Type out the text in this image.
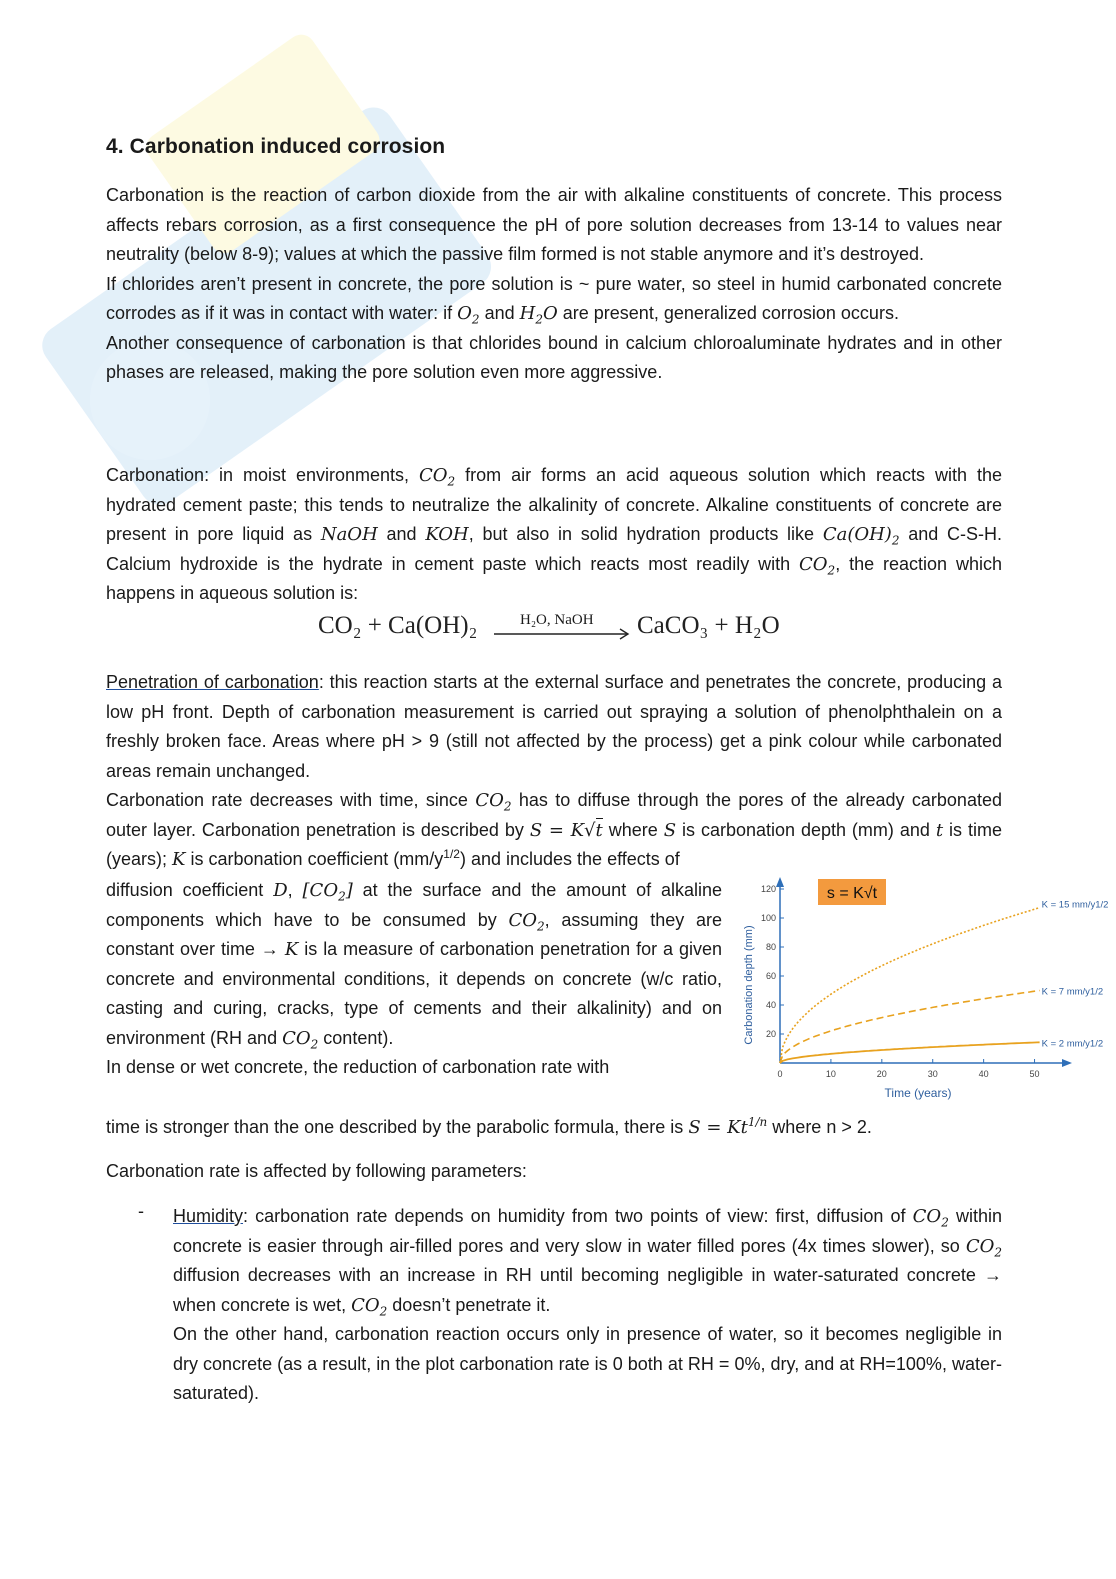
4. Carbonation induced corrosion

Carbonation is the reaction of carbon dioxide from the air with alkaline constituents of concrete. This process affects rebars corrosion, as a first consequence the pH of pore solution decreases from 13-14 to values near neutrality (below 8-9); values at which the passive film formed is not stable anymore and it’s destroyed.

If chlorides aren’t present in concrete, the pore solution is ~ pure water, so steel in humid carbonated concrete corrodes as if it was in contact with water: if $O_2$ and $H_2O$ are present, generalized corrosion occurs.

Another consequence of carbonation is that chlorides bound in calcium chloroaluminate hydrates and in other phases are released, making the pore solution even more aggressive.

Carbonation: in moist environments, $CO_2$ from air forms an acid aqueous solution which reacts with the hydrated cement paste; this tends to neutralize the alkalinity of concrete. Alkaline constituents of concrete are present in pore liquid as NaOH and KOH, but also in solid hydration products like $Ca(OH)_2$ and C-S-H. Calcium hydroxide is the hydrate in cement paste which reacts most readily with $CO_2$, the reaction which happens in aqueous solution is:

CO₂ + Ca(OH)₂	H₂O, NaOH CaCO₃ + H₂O

Penetration of carbonation: this reaction starts at the external surface and penetrates the concrete, producing a low pH front. Depth of carbonation measurement is carried out spraying a solution of phenolphthalein on a freshly broken face. Areas where pH > 9 (still not affected by the process) get a pink colour while carbonated areas remain unchanged.

Carbonation rate decreases with time, since $CO_2$ has to diffuse through the pores of the already carbonated outer layer. Carbonation penetration is described by S = K√t where S is carbonation depth (mm) and t is time (years); K is carbonation coefficient $(mm/y^{1/2})$ and includes the effects of

diffusion coefficient D, $[CO_2]$ at the surface and the amount of alkaline components which have to be consumed by $CO_2$, assuming they are constant over time → K is la measure of carbonation penetration for a given concrete and environmental conditions, it depends on concrete (w/c ratio, casting and curing, cracks, type of cements and their alkalinity) and on environment (RH and $CO_2$ content).

In dense or wet concrete, the reduction of carbonation rate with

time is stronger than the one described by the parabolic formula, there is $S = Kt^{1/n}$ where n > 2.

Carbonation rate is affected by following parameters:

- Humidity: carbonation rate depends on humidity from two points of view: first, diffusion of $CO_2$ within concrete is easier through air-filled pores and very slow in water filled pores (4x times slower), so $CO_2$ diffusion decreases with an increase in RH until becoming negligible in water-saturated concrete → when concrete is wet, $CO_2$ doesn’t penetrate it.

On the other hand, carbonation reaction occurs only in presence of water, so it becomes negligible in dry concrete (as a result, in the plot carbonation rate is 0 both at RH = 0%, dry, and at RH=100%, water-saturated).

s = K√t
Carbonation depth (mm)
Time (years)
0	10	20	30	40	50
20
40
60
80
100
120
K = 15 mm/y1/2
K = 7 mm/y1/2
K = 2 mm/y1/2
